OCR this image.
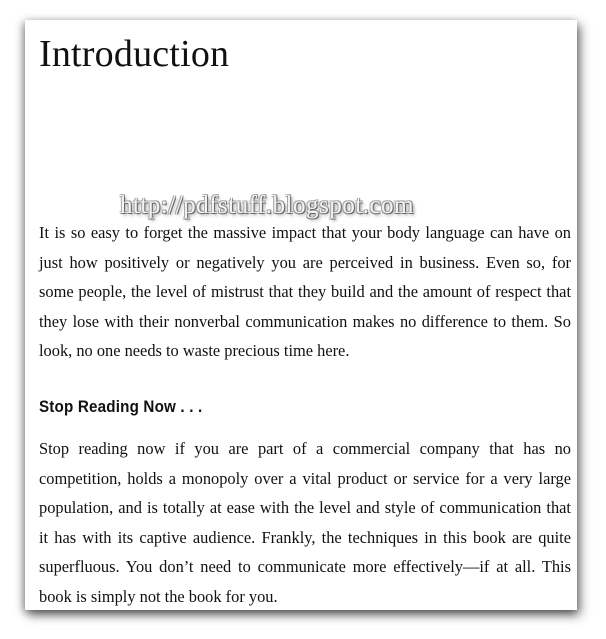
Introduction

It is so easy to forget the massive impact that your body language can have on just how positively or negatively you are perceived in business. Even so, for some people, the level of mistrust that they build and the amount of respect that they lose with their nonverbal communication makes no difference to them. So look, no one needs to waste precious time here.

Stop Reading Now . . .

Stop reading now if you are part of a commercial company that has no competition, holds a monopoly over a vital product or service for a very large population, and is totally at ease with the level and style of communication that it has with its captive audience. Frankly, the techniques in this book are quite superfluous. You don’t need to communicate more effectively—if at all. This book is simply not the book for you.

http://pdfstuff.blogspot.com
